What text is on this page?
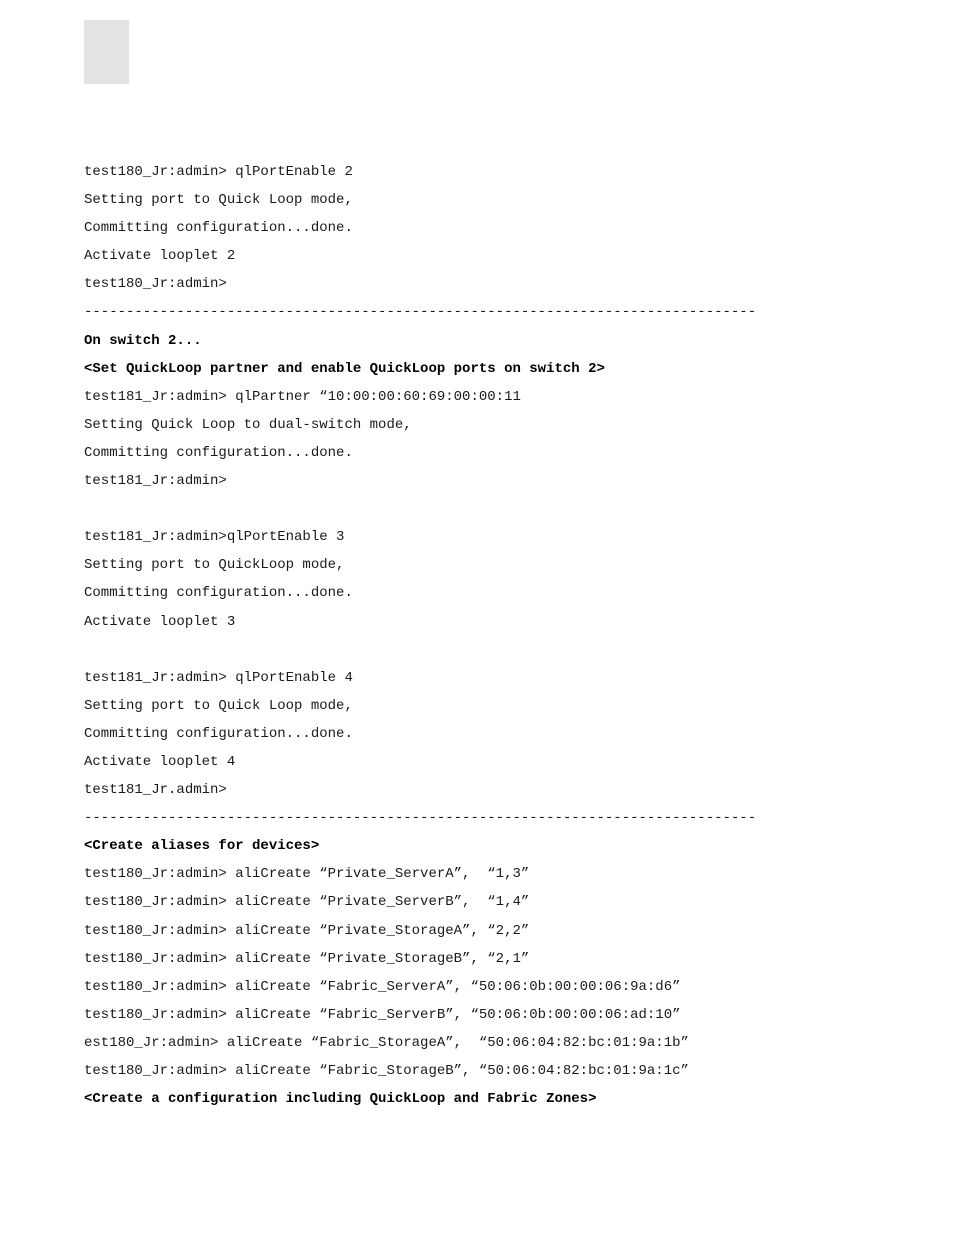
test180_Jr:admin> qlPortEnable 2
Setting port to Quick Loop mode,
Committing configuration...done.
Activate looplet 2
test180_Jr:admin>
--------------------------------------------------------------------------------
On switch 2...
<Set QuickLoop partner and enable QuickLoop ports on switch 2>
test181_Jr:admin> qlPartner “10:00:00:60:69:00:00:11
Setting Quick Loop to dual-switch mode,
Committing configuration...done.
test181_Jr:admin>
test181_Jr:admin>qlPortEnable 3
Setting port to QuickLoop mode,
Committing configuration...done.
Activate looplet 3
test181_Jr:admin> qlPortEnable 4
Setting port to Quick Loop mode,
Committing configuration...done.
Activate looplet 4
test181_Jr.admin>
--------------------------------------------------------------------------------
<Create aliases for devices>
test180_Jr:admin> aliCreate “Private_ServerA”,  “1,3”
test180_Jr:admin> aliCreate “Private_ServerB”,  “1,4”
test180_Jr:admin> aliCreate “Private_StorageA”, “2,2”
test180_Jr:admin> aliCreate “Private_StorageB”, “2,1”
test180_Jr:admin> aliCreate “Fabric_ServerA”, “50:06:0b:00:00:06:9a:d6”
test180_Jr:admin> aliCreate “Fabric_ServerB”, “50:06:0b:00:00:06:ad:10”
est180_Jr:admin> aliCreate “Fabric_StorageA”,  “50:06:04:82:bc:01:9a:1b”
test180_Jr:admin> aliCreate “Fabric_StorageB”, “50:06:04:82:bc:01:9a:1c”
<Create a configuration including QuickLoop and Fabric Zones>
